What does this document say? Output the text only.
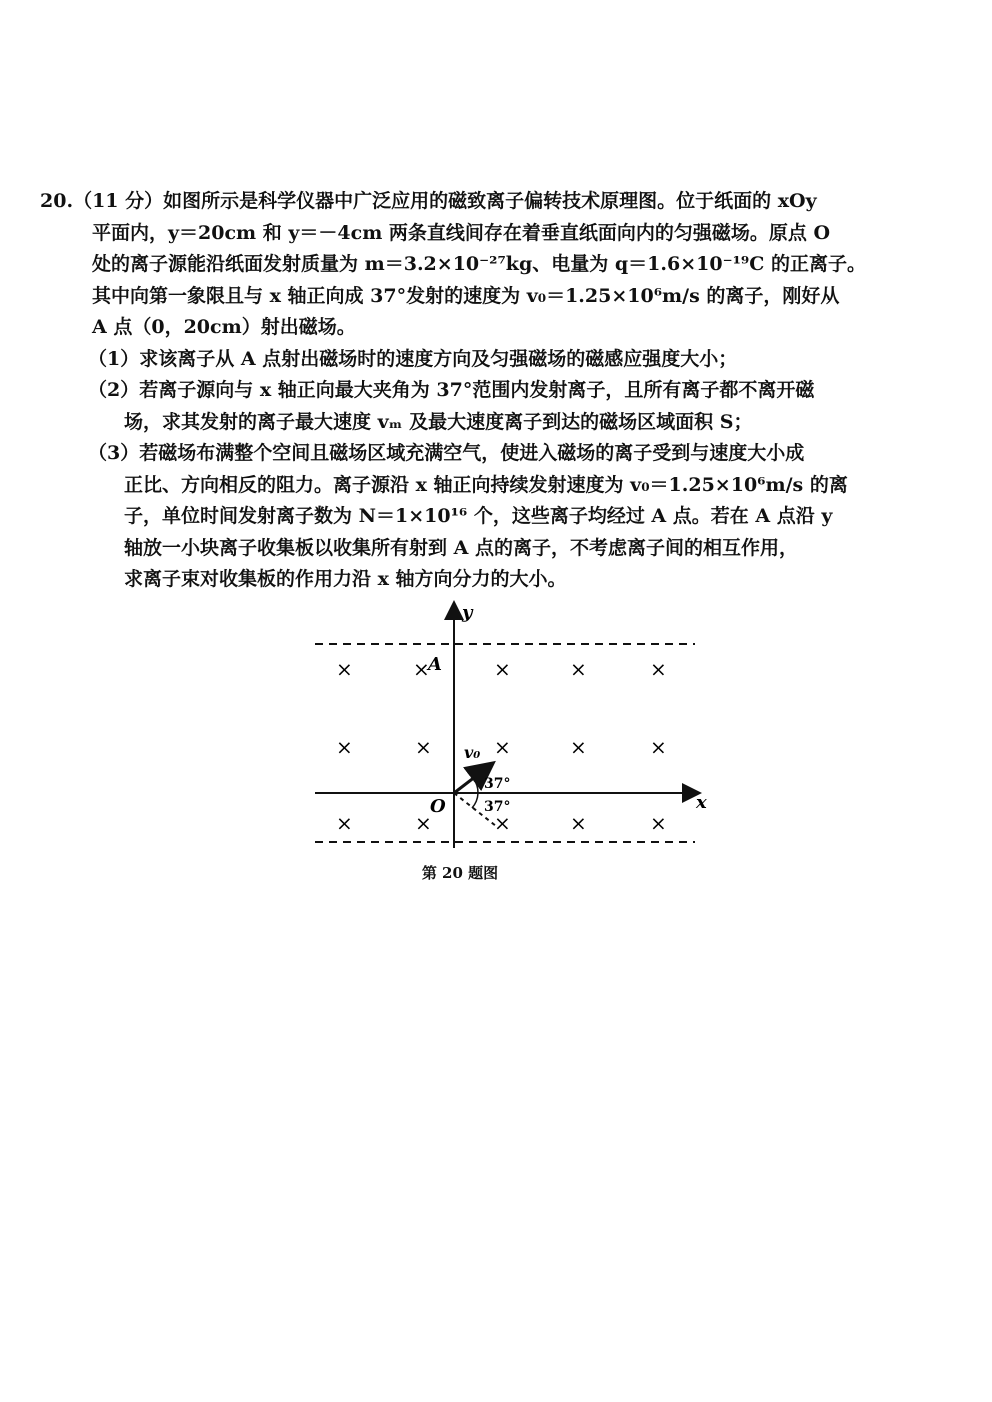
20.（11 分）如图所示是科学仪器中广泛应用的磁致离子偏转技术原理图。位于纸面的 xOy
平面内，y＝20cm 和 y＝－4cm 两条直线间存在着垂直纸面向内的匀强磁场。原点 O
处的离子源能沿纸面发射质量为 m＝3.2×10⁻²⁷kg、电量为 q＝1.6×10⁻¹⁹C 的正离子。
其中向第一象限且与 x 轴正向成 37°发射的速度为 v₀＝1.25×10⁶m/s 的离子，刚好从
A 点（0，20cm）射出磁场。
（1）求该离子从 A 点射出磁场时的速度方向及匀强磁场的磁感应强度大小；
（2）若离子源向与 x 轴正向最大夹角为 37°范围内发射离子，且所有离子都不离开磁
场，求其发射的离子最大速度 vₘ 及最大速度离子到达的磁场区域面积 S；
（3）若磁场布满整个空间且磁场区域充满空气，使进入磁场的离子受到与速度大小成
正比、方向相反的阻力。离子源沿 x 轴正向持续发射速度为 v₀＝1.25×10⁶m/s 的离
子，单位时间发射离子数为 N＝1×10¹⁶ 个，这些离子均经过 A 点。若在 A 点沿 y
轴放一小块离子收集板以收集所有射到 A 点的离子，不考虑离子间的相互作用，
求离子束对收集板的作用力沿 x 轴方向分力的大小。
y
x
A
O
×	×	×	×	×
×	×	×	×	×
×	×	×	×	×
v₀
37°
37°
第 20 题图
